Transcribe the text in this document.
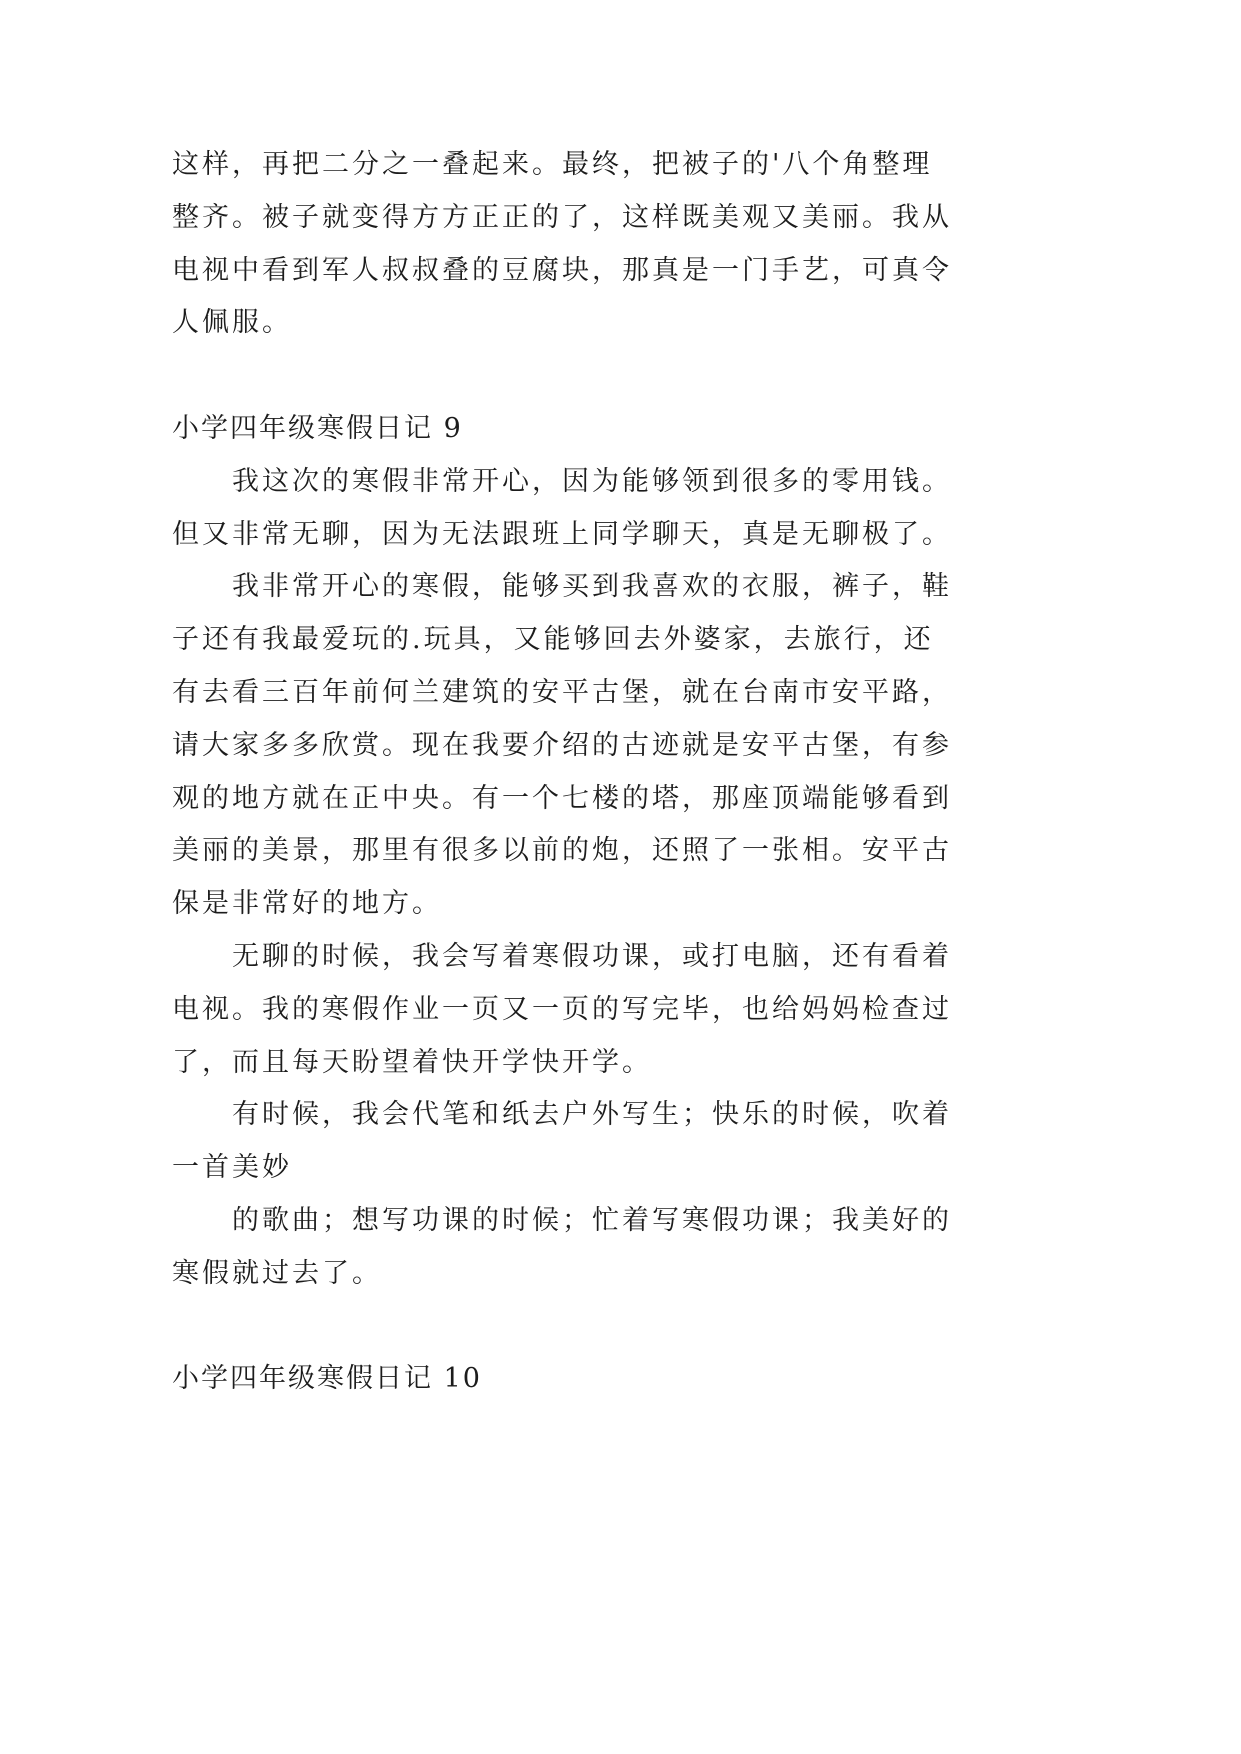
这样，再把二分之一叠起来。最终，把被子的'八个角整理
整齐。被子就变得方方正正的了，这样既美观又美丽。我从
电视中看到军人叔叔叠的豆腐块，那真是一门手艺，可真令
人佩服。
小学四年级寒假日记 9
我这次的寒假非常开心，因为能够领到很多的零用钱。
但又非常无聊，因为无法跟班上同学聊天，真是无聊极了。
我非常开心的寒假，能够买到我喜欢的衣服，裤子，鞋
子还有我最爱玩的.玩具，又能够回去外婆家，去旅行，还
有去看三百年前何兰建筑的安平古堡，就在台南市安平路，
请大家多多欣赏。现在我要介绍的古迹就是安平古堡，有参
观的地方就在正中央。有一个七楼的塔，那座顶端能够看到
美丽的美景，那里有很多以前的炮，还照了一张相。安平古
保是非常好的地方。
无聊的时候，我会写着寒假功课，或打电脑，还有看着
电视。我的寒假作业一页又一页的写完毕，也给妈妈检查过
了，而且每天盼望着快开学快开学。
有时候，我会代笔和纸去户外写生；快乐的时候，吹着
一首美妙
的歌曲；想写功课的时候；忙着写寒假功课；我美好的
寒假就过去了。
小学四年级寒假日记 10
